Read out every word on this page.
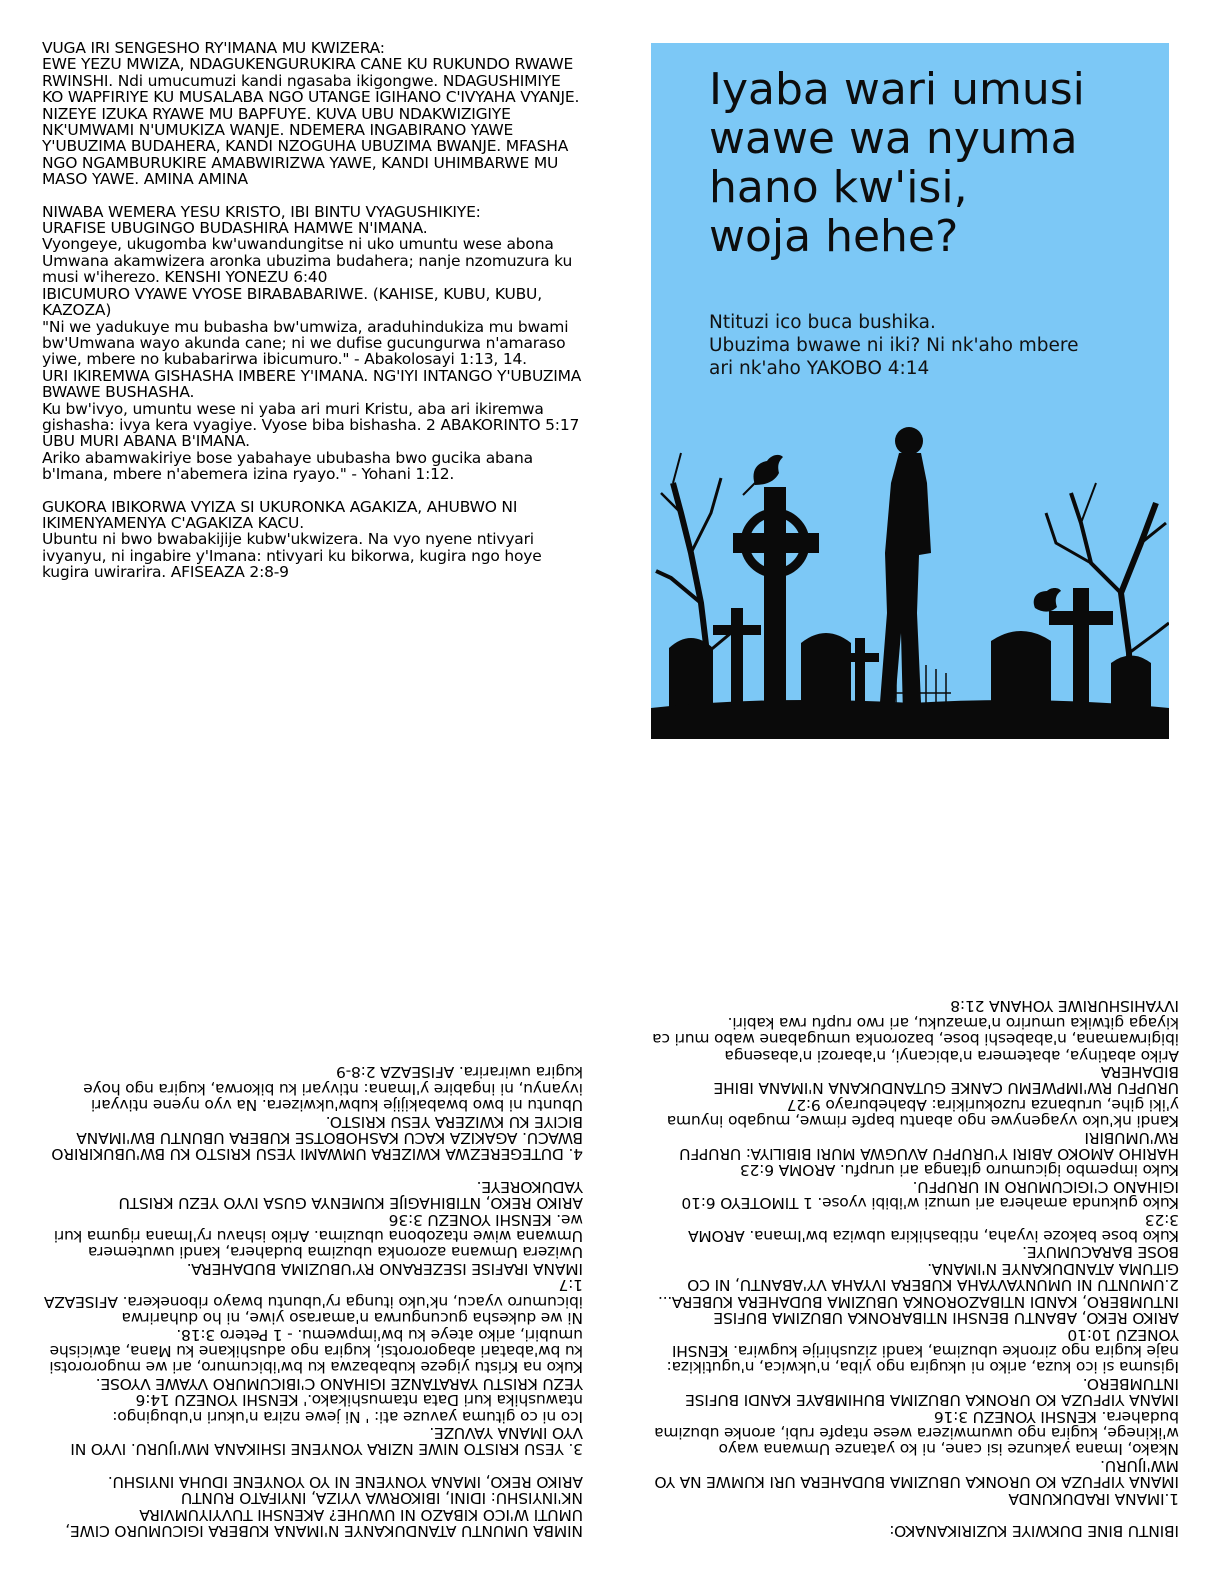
VUGA IRI SENGESHO RY'IMANA MU KWIZERA:
EWE YEZU MWIZA, NDAGUKENGURUKIRA CANE KU RUKUNDO RWAWE RWINSHI. Ndi umucumuzi kandi ngasaba ikigongwe. NDAGUSHIMIYE KO WAPFIRIYE KU MUSALABA NGO UTANGE IGIHANO C'IVYAHA VYANJE. NIZEYE IZUKA RYAWE MU BAPFUYE. KUVA UBU NDAKWIZIGIYE NK'UMWAMI N'UMUKIZA WANJE. NDEMERA INGABIRANO YAWE Y'UBUZIMA BUDAHERA, KANDI NZOGUHA UBUZIMA BWANJE. MFASHA NGO NGAMBURUKIRE AMABWIRIZWA YAWE, KANDI UHIMBARWE MU MASO YAWE. AMINA AMINA

NIWABA WEMERA YESU KRISTO, IBI BINTU VYAGUSHIKIYE:
URAFISE UBUGINGO BUDASHIRA HAMWE N'IMANA.
Vyongeye, ukugomba kw'uwandungitse ni uko umuntu wese abona Umwana akamwizera aronka ubuzima budahera; nanje nzomuzura ku musi w'iherezo. KENSHI YONEZU 6:40
IBICUMURO VYAWE VYOSE BIRABABARIWE. (KAHISE, KUBU, KUBU, KAZOZA)
"Ni we yadukuye mu bubasha bw'umwiza, araduhindukiza mu bwami bw'Umwana wayo akunda cane; ni we dufise gucungurwa n'amaraso yiwe, mbere no kubabarirwa ibicumuro." - Abakolosayi 1:13, 14.
URI IKIREMWA GISHASHA IMBERE Y'IMANA. NG'IYI INTANGO Y'UBUZIMA BWAWE BUSHASHA.
Ku bw'ivyo, umuntu wese ni yaba ari muri Kristu, aba ari ikiremwa gishasha: ivya kera vyagiye. Vyose biba bishasha. 2 ABAKORINTO 5:17
UBU MURI ABANA B'IMANA.
Ariko abamwakiriye bose yabahaye ububasha bwo gucika abana b'Imana, mbere n'abemera izina ryayo." - Yohani 1:12.

GUKORA IBIKORWA VYIZA SI UKURONKA AGAKIZA, AHUBWO NI IKIMENYAMENYA C'AGAKIZA KACU.
Ubuntu ni bwo bwabakijije kubw'ukwizera. Na vyo nyene ntivyari ivyanyu, ni ingabire y'Imana: ntivyari ku bikorwa, kugira ngo hoye kugira uwirarira. AFISEAZA 2:8-9

Iyaba wari umusi
wawe wa nyuma
hano kw'isi,
woja hehe?
Ntituzi ico buca bushika.
Ubuzima bwawe ni iki? Ni nk'aho mbere
ari nk'aho YAKOBO 4:14

NIMBA UMUNTU ATANDUKANYE N'IMANA KUBERA IGICUMURO CIWE, UMUTI W'ICO KIBAZO NI UWUHE? AKENSHI TUVYIYUMVIRA NK'INYISHU: IDINI, IBIKORWA VYIZA, INYIFATO RUNTU
ARIKO REKO, IMANA YONYENE NI YO YONYENE IDUHA INYISHU.

3. YESU KRISTO NIWE NZIRA YONYENE ISHIKANA MW'IJURU. IVYO NI VYO IMANA YAVUZE.
Ico ni co gituma yavuze ati: ' Ni jewe nzira n'ukuri n'ubugingo: ntawushika kuri Data ntamushikako.' KENSHI YONEZU 14:6
YEZU KRISTU YARATANZE IGIHANO C'IBICUMURO VYAWE VYOSE.
Kuko na Kristu yigeze kubabazwa ku bw'ibicumuro, ari we mugororotsi ku bw'abatari abagororotsi, kugira ngo adushikane ku Mana, atwicishe umubiri, ariko ateye ku bw'impwemu. - 1 Petero 3:18.
Ni we dukesha gucungurwa n'amaraso yiwe, ni ho duharirwa ibicumuro vyacu, nk'uko itunga ry'ubuntu bwayo ribonekera. AFISEAZA 1:7
IMANA IRAFISE ISEZERANO RY'UBUZIMA BUDAHERA.
Uwizera Umwana azoronka ubuzima budahera, kandi uwutemera Umwana wiwe ntazobona ubuzima. Ariko ishavu ry'Imana riguma kuri we. KENSHI YONEZU 3:36
ARIKO REKO, NTIBIHAGIJE KUMENYA GUSA IVYO YEZU KRISTU YADUKOREYE.

4. DUTEGEREZWA KWIZERA UMWAMI YESU KRISTO KU BW'UBUKIRIRO BWACU. AGAKIZA KACU KASHOBOTSE KUBERA UBUNTU BW'IMANA BICIYE KU KWIZERA YESU KRISTO.
Ubuntu ni bwo bwabakijije kubw'ukwizera. Na vyo nyene ntivyari ivyanyu, ni ingabire y'Imana: ntivyari ku bikorwa, kugira ngo hoye kugira uwirarira. AFISEAZA 2:8-9

IBINTU BINE DUKWIYE KUZIRIKANAKO:

1.IMANA IRADUKUNDA
IMANA YIPFUZA KO URONKA UBUZIMA BUDAHERA URI KUMWE NA YO MW'IJURU.
Nkako, Imana yakunze isi cane, ni ko yatanze Umwana wayo w'ikinege, kugira ngo uwumwizera wese ntapfe rubi, aronke ubuzima budahera. KENSHI YONEZU 3:16
IMANA YIPFUZA KO URONKA UBUZIMA BUHIMBAYE KANDI BUFISE INTUMBERO.
Igisuma si ico kuza, ariko ni ukugira ngo yiba, n'ukwica, n'ugutikiza: naje kugira ngo zironke ubuzima, kandi zizushirije kugwira. KENSHI YONEZU 10:10
ARIKO REKO, ABANTU BENSHI NTIBARONKA UBUZIMA BUFISE INTUMBERO, KANDI NTIBAZORONKA UBUZIMA BUDAHERA KUBERA...

2.UMUNTU NI UMUNYAVYAHA KUBERA IVYAHA VY'ABANTU, NI CO GITUMA ATANDUKANYE N'IMANA.
BOSE BARACUMUYE.
Kuko bose bakoze ivyaha, ntibashikira ubwiza bw'Imana. AROMA 3:23
Kuko gukunda amahera ari umuzi w'ibibi vyose. 1 TIMOTEYO 6:10
IGIHANO C'IGICUMURO NI URUPFU.
Kuko impembo igicumuro gitanga ari urupfu. AROMA 6:23
HARIHO AMOKO ABIRI Y'URUPFU AVUGWA MURI BIBILIYA: URUPFU RW'UMUBIRI
Kandi nk'uko vyagenywe ngo abantu bapfe rimwe, mugabo inyuma y'iki gihe, urubanza ruzokurikira: Abaheburayo 9:27
URUPFU RW'IMPWEMU CANKE GUTANDUKANA N'IMANA IBIHE BIDAHERA
Ariko abatinya, abatemera n'abicanyi, n'abarozi n'abasenga ibigirwamana, n'ababeshi bose, bazoronka umugabane wabo muri ca kiyaga gitwika umuriro n'amazuku, ari rwo rupfu rwa kabiri. IVYAHISHURIWE YOHANA 21:8
